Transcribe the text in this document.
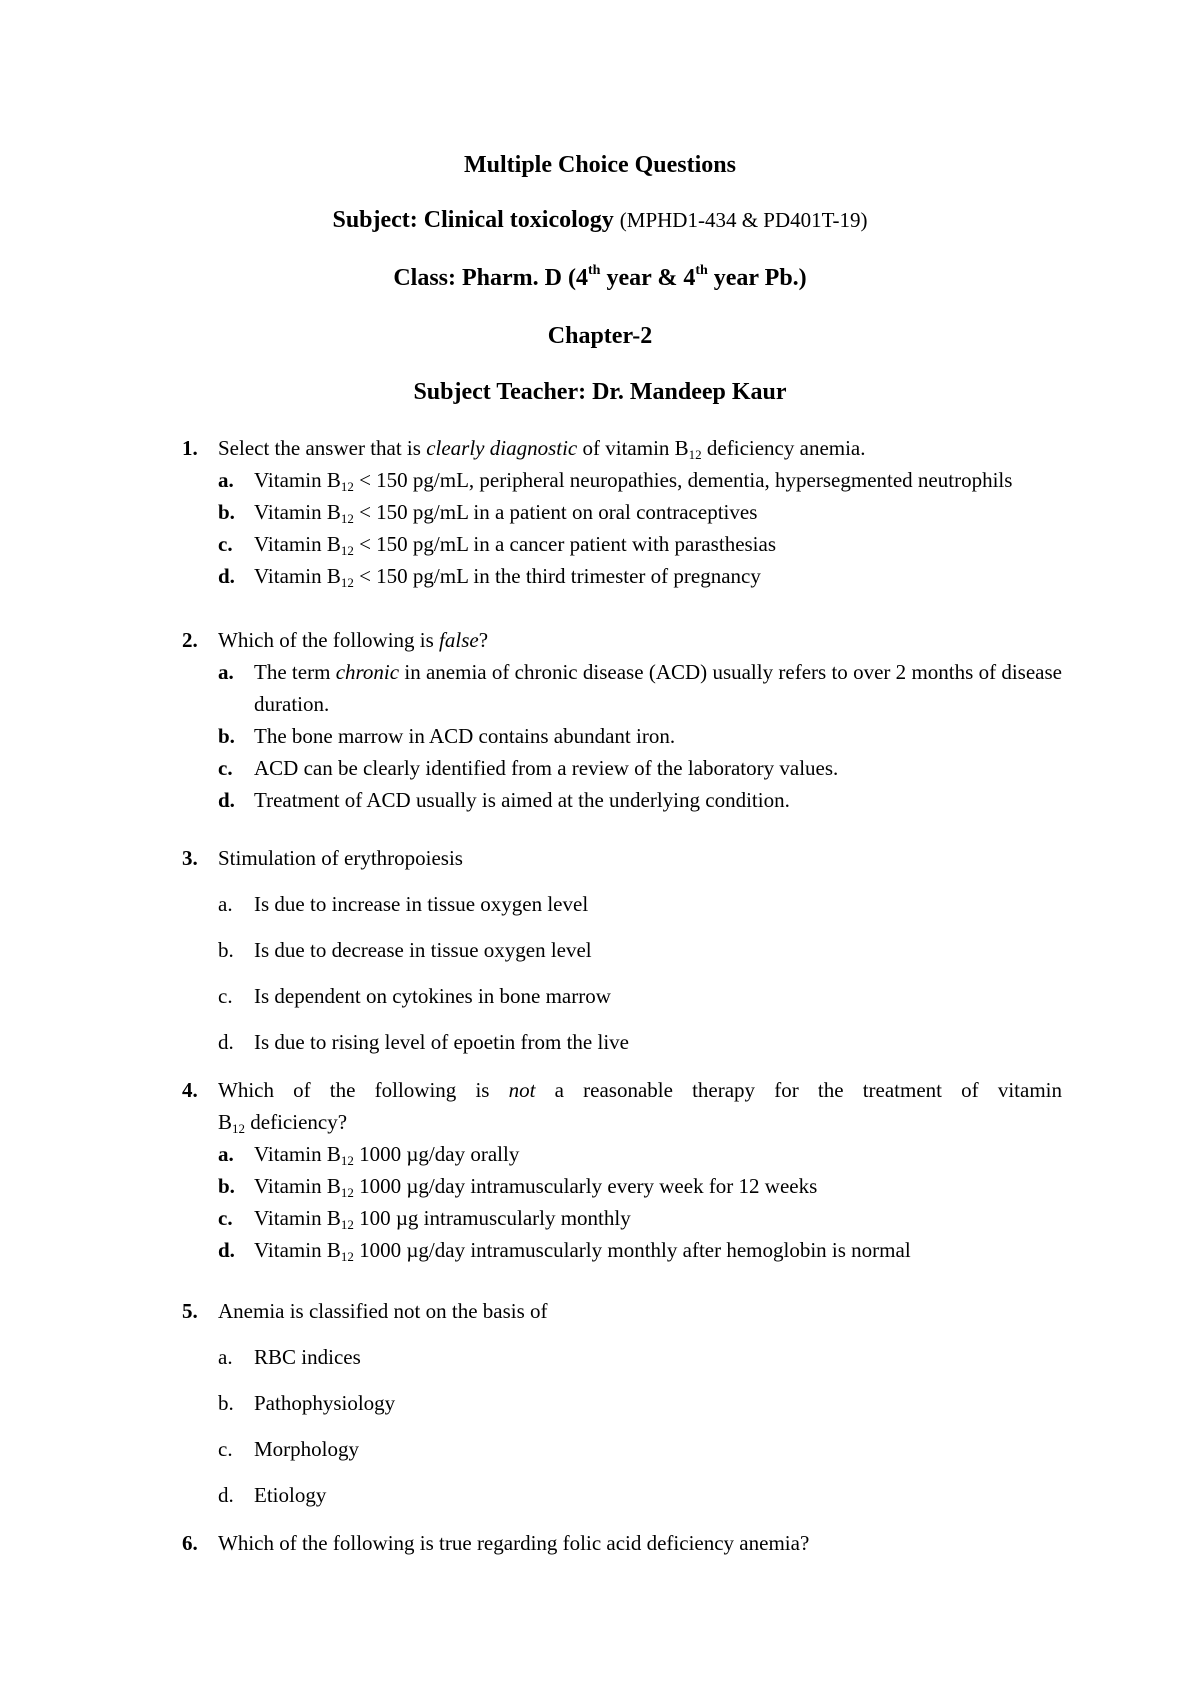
Multiple Choice Questions
Subject: Clinical toxicology (MPHD1-434 & PD401T-19)
Class: Pharm. D (4th year & 4th year Pb.)
Chapter-2
Subject Teacher: Dr. Mandeep Kaur
1. Select the answer that is clearly diagnostic of vitamin B12 deficiency anemia.
a. Vitamin B12 < 150 pg/mL, peripheral neuropathies, dementia, hypersegmented neutrophils
b. Vitamin B12 < 150 pg/mL in a patient on oral contraceptives
c. Vitamin B12 < 150 pg/mL in a cancer patient with parasthesias
d. Vitamin B12 < 150 pg/mL in the third trimester of pregnancy
2. Which of the following is false?
a. The term chronic in anemia of chronic disease (ACD) usually refers to over 2 months of disease duration.
b. The bone marrow in ACD contains abundant iron.
c. ACD can be clearly identified from a review of the laboratory values.
d. Treatment of ACD usually is aimed at the underlying condition.
3. Stimulation of erythropoiesis
a. Is due to increase in tissue oxygen level
b. Is due to decrease in tissue oxygen level
c. Is dependent on cytokines in bone marrow
d. Is due to rising level of epoetin from the live
4. Which of the following is not a reasonable therapy for the treatment of vitamin
B12 deficiency?
a. Vitamin B12 1000 µg/day orally
b. Vitamin B12 1000 µg/day intramuscularly every week for 12 weeks
c. Vitamin B12 100 µg intramuscularly monthly
d. Vitamin B12 1000 µg/day intramuscularly monthly after hemoglobin is normal
5. Anemia is classified not on the basis of
a. RBC indices
b. Pathophysiology
c. Morphology
d. Etiology
6. Which of the following is true regarding folic acid deficiency anemia?
